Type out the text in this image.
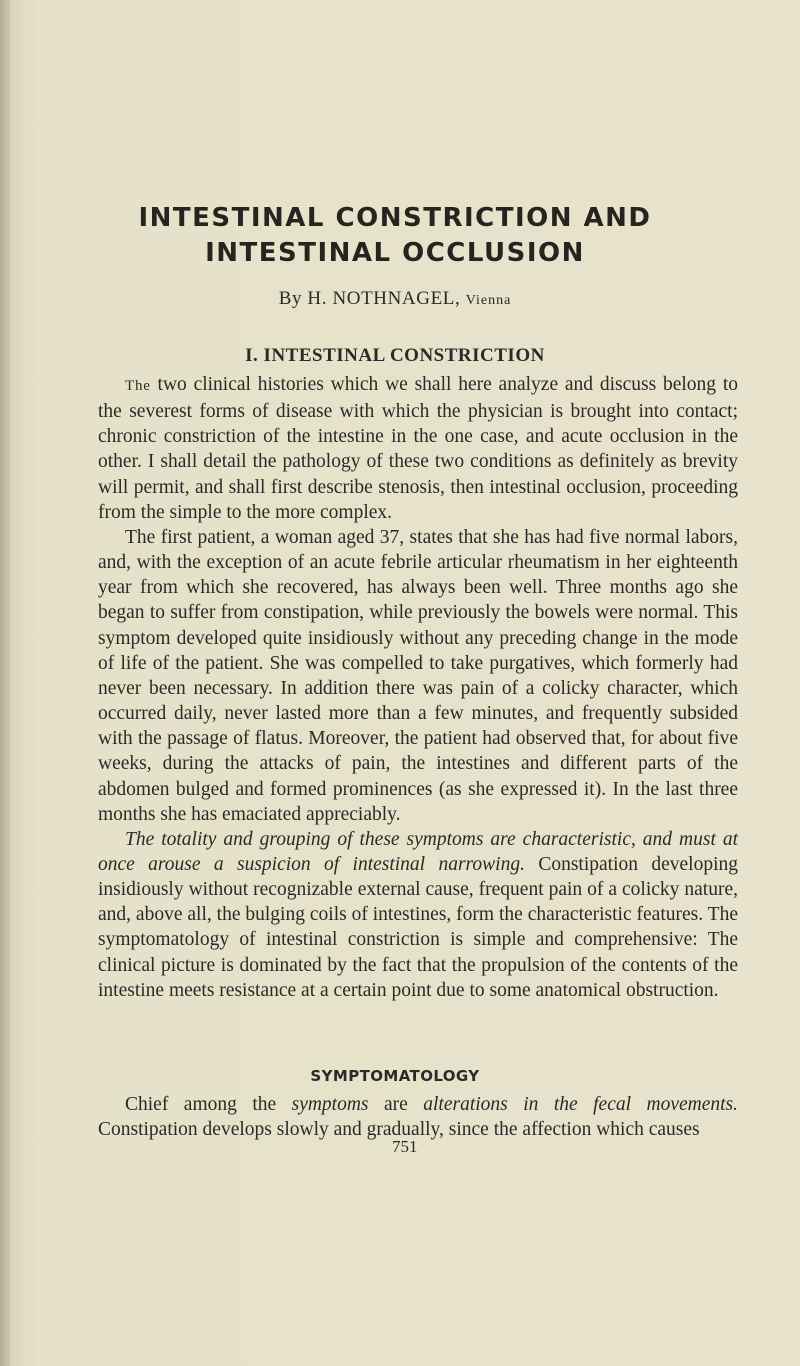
INTESTINAL CONSTRICTION AND
INTESTINAL OCCLUSION
By H. NOTHNAGEL, Vienna
I. INTESTINAL CONSTRICTION

The two clinical histories which we shall here analyze and discuss belong to the severest forms of disease with which the physician is brought into contact; chronic constriction of the intestine in the one case, and acute occlusion in the other. I shall detail the pathology of these two conditions as definitely as brevity will permit, and shall first describe stenosis, then intestinal occlusion, proceeding from the simple to the more complex.

The first patient, a woman aged 37, states that she has had five normal labors, and, with the exception of an acute febrile articular rheumatism in her eighteenth year from which she recovered, has always been well. Three months ago she began to suffer from constipation, while previously the bowels were normal. This symptom developed quite insidiously without any preceding change in the mode of life of the patient. She was compelled to take purgatives, which formerly had never been necessary. In addition there was pain of a colicky character, which occurred daily, never lasted more than a few minutes, and frequently subsided with the passage of flatus. Moreover, the patient had observed that, for about five weeks, during the attacks of pain, the intestines and different parts of the abdomen bulged and formed prominences (as she expressed it). In the last three months she has emaciated appreciably.

The totality and grouping of these symptoms are characteristic, and must at once arouse a suspicion of intestinal narrowing. Constipation developing insidiously without recognizable external cause, frequent pain of a colicky nature, and, above all, the bulging coils of intestines, form the characteristic features. The symptomatology of intestinal constriction is simple and comprehensive: The clinical picture is dominated by the fact that the propulsion of the contents of the intestine meets resistance at a certain point due to some anatomical obstruction.

SYMPTOMATOLOGY

Chief among the symptoms are alterations in the fecal movements. Constipation develops slowly and gradually, since the affection which causes

751
